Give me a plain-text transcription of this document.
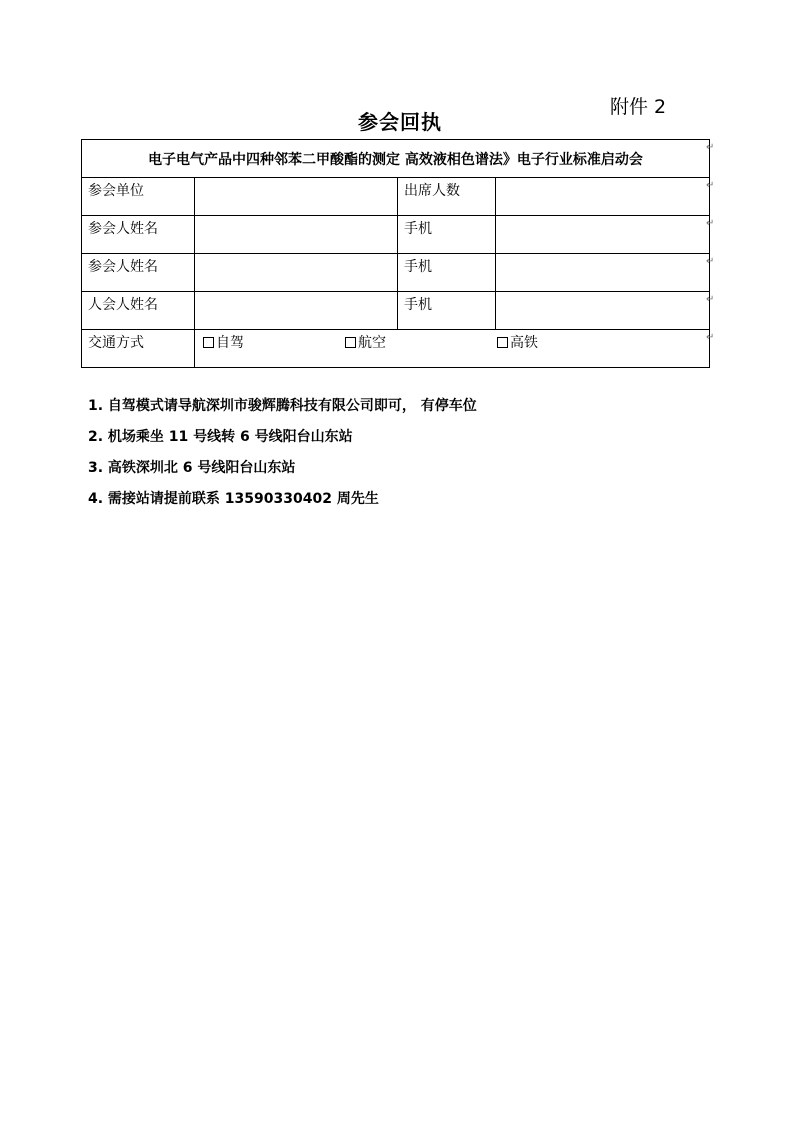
附件 2
参会回执
电子电气产品中四种邻苯二甲酸酯的测定 高效液相色谱法》电子行业标准启动会			
参会单位		出席人数	
参会人姓名		手机	
参会人姓名		手机	
人会人姓名		手机	
交通方式	自驾 航空 高铁		
↵
↵
↵
↵
↵
↵
1. 自驾模式请导航深圳市骏辉腾科技有限公司即可， 有停车位
2. 机场乘坐 11 号线转 6 号线阳台山东站
3. 高铁深圳北 6 号线阳台山东站
4. 需接站请提前联系 13590330402 周先生
